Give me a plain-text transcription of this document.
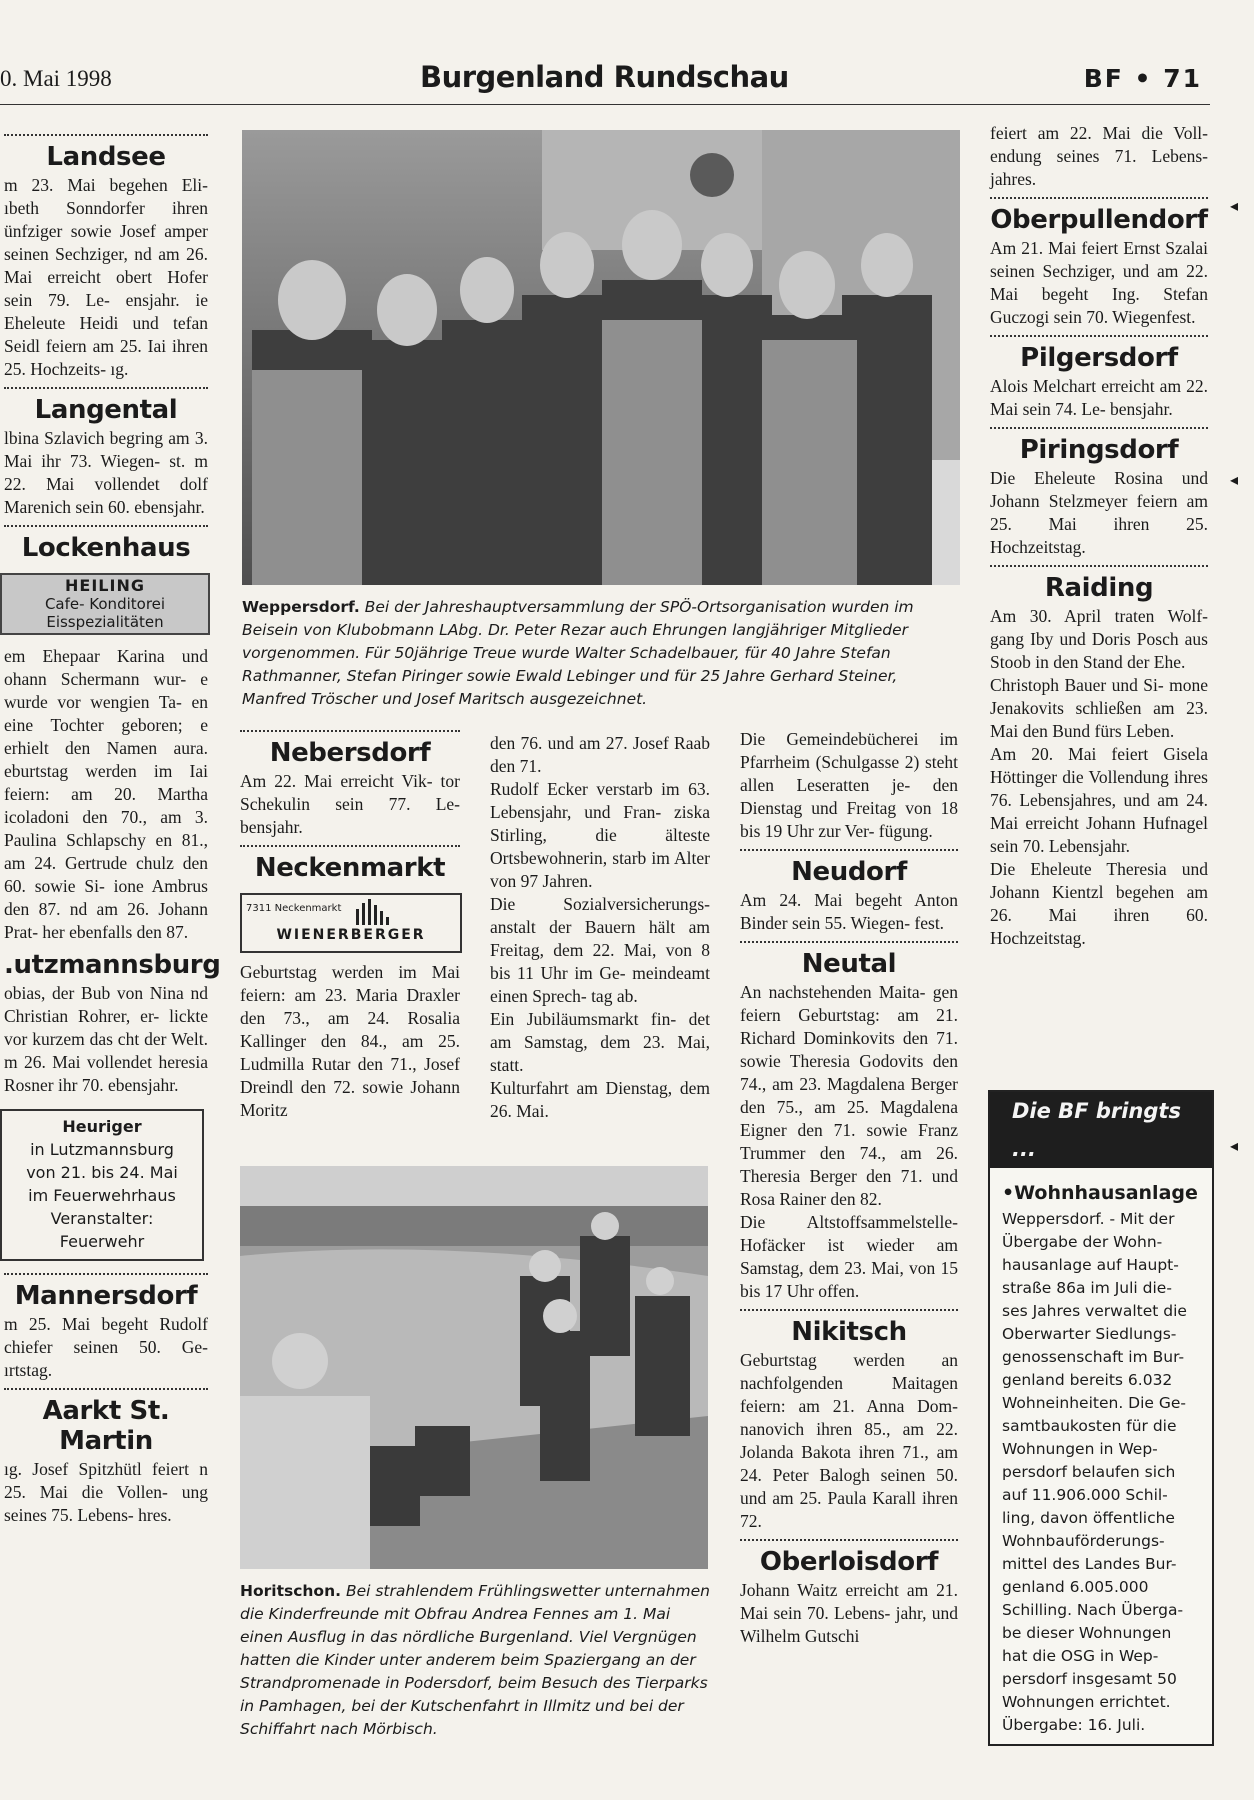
0. Mai 1998	Burgenland Rundschau	BF • 71
Landsee

m 23. Mai begehen Eli- ıbeth Sonndorfer ihren ünfziger sowie Josef amper seinen Sechziger, nd am 26. Mai erreicht obert Hofer sein 79. Le- ensjahr. ie Eheleute Heidi und tefan Seidl feiern am 25. Iai ihren 25. Hochzeits- ıg.

Langental

lbina Szlavich begring am 3. Mai ihr 73. Wiegen- st. m 22. Mai vollendet dolf Marenich sein 60. ebensjahr.

Lockenhaus
HEILING
Cafe- Konditorei
Eisspezialitäten

em Ehepaar Karina und ohann Schermann wur- e wurde vor wengien Ta- en eine Tochter geboren; e erhielt den Namen aura. eburtstag werden im Iai feiern: am 20. Martha icoladoni den 70., am 3. Paulina Schlapschy en 81., am 24. Gertrude chulz den 60. sowie Si- ione Ambrus den 87. nd am 26. Johann Prat- her ebenfalls den 87.

.utzmannsburg

obias, der Bub von Nina nd Christian Rohrer, er- lickte vor kurzem das cht der Welt. m 26. Mai vollendet heresia Rosner ihr 70. ebensjahr.

Heuriger
in Lutzmannsburg
von 21. bis 24. Mai
im Feuerwehrhaus
Veranstalter:
Feuerwehr
Mannersdorf

m 25. Mai begeht Rudolf chiefer seinen 50. Ge- ırtstag.

Aarkt St. Martin

ıg. Josef Spitzhütl feiert n 25. Mai die Vollen- ung seines 75. Lebens- hres.

Weppersdorf. Bei der Jahreshauptversammlung der SPÖ-Ortsorganisation wurden im Beisein von Klubobmann LAbg. Dr. Peter Rezar auch Ehrungen langjähriger Mitglieder vorgenommen. Für 50jährige Treue wurde Walter Schadelbauer, für 40 Jahre Stefan Rathmanner, Stefan Piringer sowie Ewald Lebinger und für 25 Jahre Gerhard Steiner, Manfred Tröscher und Josef Maritsch ausgezeichnet.
Nebersdorf

Am 22. Mai erreicht Vik- tor Schekulin sein 77. Le- bensjahr.

Neckenmarkt
7311 Neckenmarkt
WIENERBERGER

Geburtstag werden im Mai feiern: am 23. Maria Draxler den 73., am 24. Rosalia Kallinger den 84., am 25. Ludmilla Rutar den 71., Josef Dreindl den 72. sowie Johann Moritz

den 76. und am 27. Josef Raab den 71.

Rudolf Ecker verstarb im 63. Lebensjahr, und Fran- ziska Stirling, die älteste Ortsbewohnerin, starb im Alter von 97 Jahren.

Die Sozialversicherungs- anstalt der Bauern hält am Freitag, dem 22. Mai, von 8 bis 11 Uhr im Ge- meindeamt einen Sprech- tag ab.

Ein Jubiläumsmarkt fin- det am Samstag, dem 23. Mai, statt.

Kulturfahrt am Dienstag, dem 26. Mai.

Horitschon. Bei strahlendem Frühlingswetter unternahmen die Kinderfreunde mit Obfrau Andrea Fennes am 1. Mai einen Ausflug in das nördliche Burgenland. Viel Vergnügen hatten die Kinder unter anderem beim Spaziergang an der Strandpromenade in Podersdorf, beim Besuch des Tierparks in Pamhagen, bei der Kutschenfahrt in Illmitz und bei der Schiffahrt nach Mörbisch.

Die Gemeindebücherei im Pfarrheim (Schulgasse 2) steht allen Leseratten je- den Dienstag und Freitag von 18 bis 19 Uhr zur Ver- fügung.

Neudorf

Am 24. Mai begeht Anton Binder sein 55. Wiegen- fest.

Neutal

An nachstehenden Maita- gen feiern Geburtstag: am 21. Richard Dominkovits den 71. sowie Theresia Godovits den 74., am 23. Magdalena Berger den 75., am 25. Magdalena Eigner den 71. sowie Franz Trummer den 74., am 26. Theresia Berger den 71. und Rosa Rainer den 82.

Die Altstoffsammelstelle- Hofäcker ist wieder am Samstag, dem 23. Mai, von 15 bis 17 Uhr offen.

Nikitsch

Geburtstag werden an nachfolgenden Maitagen feiern: am 21. Anna Dom- nanovich ihren 85., am 22. Jolanda Bakota ihren 71., am 24. Peter Balogh seinen 50. und am 25. Paula Karall ihren 72.

Oberloisdorf

Johann Waitz erreicht am 21. Mai sein 70. Lebens- jahr, und Wilhelm Gutschi

feiert am 22. Mai die Voll- endung seines 71. Lebens- jahres.

Oberpullendorf

Am 21. Mai feiert Ernst Szalai seinen Sechziger, und am 22. Mai begeht Ing. Stefan Guczogi sein 70. Wiegenfest.

Pilgersdorf

Alois Melchart erreicht am 22. Mai sein 74. Le- bensjahr.

Piringsdorf

Die Eheleute Rosina und Johann Stelzmeyer feiern am 25. Mai ihren 25. Hochzeitstag.

Raiding

Am 30. April traten Wolf- gang Iby und Doris Posch aus Stoob in den Stand der Ehe.

Christoph Bauer und Si- mone Jenakovits schließen am 23. Mai den Bund fürs Leben.

Am 20. Mai feiert Gisela Höttinger die Vollendung ihres 76. Lebensjahres, und am 24. Mai erreicht Johann Hufnagel sein 70. Lebensjahr.

Die Eheleute Theresia und Johann Kientzl begehen am 26. Mai ihren 60. Hochzeitstag.

Die BF bringts ...
•Wohnhausanlage
Weppersdorf. - Mit der Übergabe der Wohn- hausanlage auf Haupt- straße 86a im Juli die- ses Jahres verwaltet die Oberwarter Siedlungs- genossenschaft im Bur- genland bereits 6.032 Wohneinheiten. Die Ge- samtbaukosten für die Wohnungen in Wep- persdorf belaufen sich auf 11.906.000 Schil- ling, davon öffentliche Wohnbauförderungs- mittel des Landes Bur- genland 6.005.000 Schilling. Nach Überga- be dieser Wohnungen hat die OSG in Wep- persdorf insgesamt 50 Wohnungen errichtet. Übergabe: 16. Juli.
◂
◂
◂
